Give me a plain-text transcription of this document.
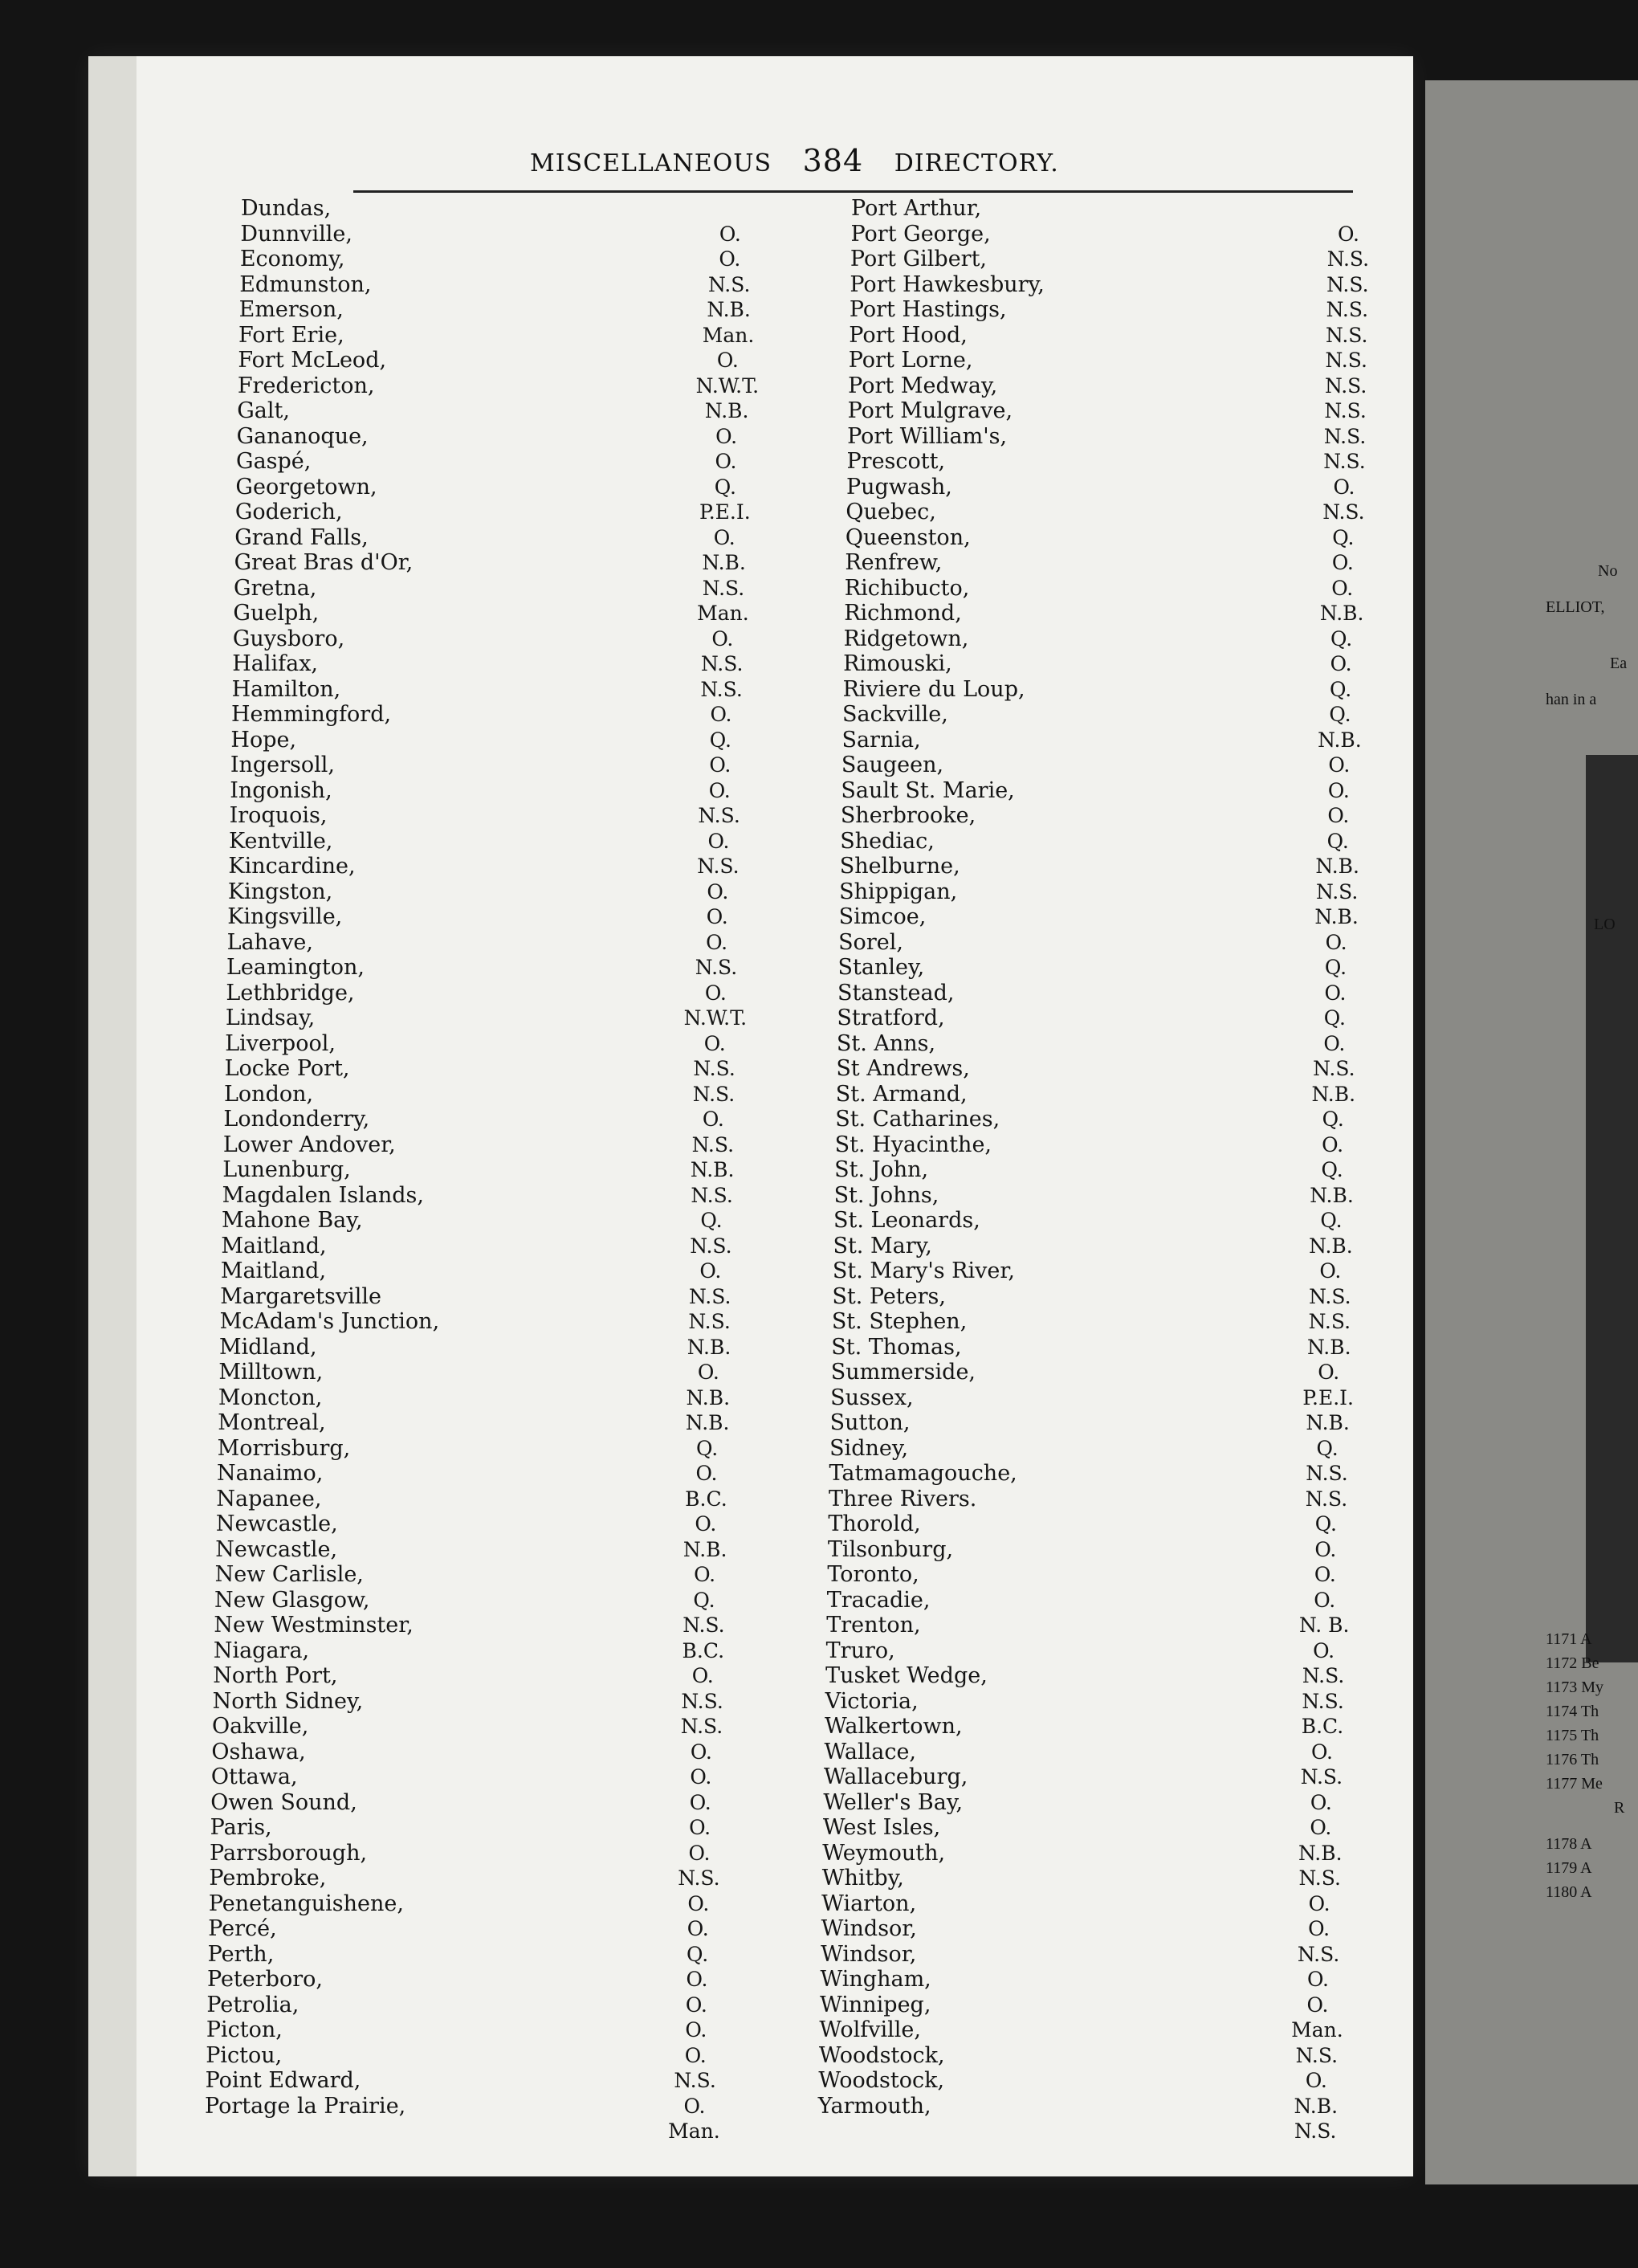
No
ELLIOT,
Ea
han in a
LO
1171 A
1172 Be
1173 My
1174 Th
1175 Th
1176 Th
1177 Me
R
1178 A
1179 A
1180 A
MISCELLANEOUS 384 DIRECTORY.
Dundas,
Dunnville,	O.
Economy,	O.
Edmunston,	N.S.
Emerson,	N.B.
Fort Erie,	Man.
Fort McLeod,	O.
Fredericton,	N.W.T.
Galt,	N.B.
Gananoque,	O.
Gaspé,	O.
Georgetown,	Q.
Goderich,	P.E.I.
Grand Falls,	O.
Great Bras d'Or,	N.B.
Gretna,	N.S.
Guelph,	Man.
Guysboro,	O.
Halifax,	N.S.
Hamilton,	N.S.
Hemmingford,	O.
Hope,	Q.
Ingersoll,	O.
Ingonish,	O.
Iroquois,	N.S.
Kentville,	O.
Kincardine,	N.S.
Kingston,	O.
Kingsville,	O.
Lahave,	O.
Leamington,	N.S.
Lethbridge,	O.
Lindsay,	N.W.T.
Liverpool,	O.
Locke Port,	N.S.
London,	N.S.
Londonderry,	O.
Lower Andover,	N.S.
Lunenburg,	N.B.
Magdalen Islands,	N.S.
Mahone Bay,	Q.
Maitland,	N.S.
Maitland,	O.
Margaretsville	N.S.
McAdam's Junction,	N.S.
Midland,	N.B.
Milltown,	O.
Moncton,	N.B.
Montreal,	N.B.
Morrisburg,	Q.
Nanaimo,	O.
Napanee,	B.C.
Newcastle,	O.
Newcastle,	N.B.
New Carlisle,	O.
New Glasgow,	Q.
New Westminster,	N.S.
Niagara,	B.C.
North Port,	O.
North Sidney,	N.S.
Oakville,	N.S.
Oshawa,	O.
Ottawa,	O.
Owen Sound,	O.
Paris,	O.
Parrsborough,	O.
Pembroke,	N.S.
Penetanguishene,	O.
Percé,	O.
Perth,	Q.
Peterboro,	O.
Petrolia,	O.
Picton,	O.
Pictou,	O.
Point Edward,	N.S.
Portage la Prairie,	O.
Man.
Port Arthur,
Port George,	O.
Port Gilbert,	N.S.
Port Hawkesbury,	N.S.
Port Hastings,	N.S.
Port Hood,	N.S.
Port Lorne,	N.S.
Port Medway,	N.S.
Port Mulgrave,	N.S.
Port William's,	N.S.
Prescott,	N.S.
Pugwash,	O.
Quebec,	N.S.
Queenston,	Q.
Renfrew,	O.
Richibucto,	O.
Richmond,	N.B.
Ridgetown,	Q.
Rimouski,	O.
Riviere du Loup,	Q.
Sackville,	Q.
Sarnia,	N.B.
Saugeen,	O.
Sault St. Marie,	O.
Sherbrooke,	O.
Shediac,	Q.
Shelburne,	N.B.
Shippigan,	N.S.
Simcoe,	N.B.
Sorel,	O.
Stanley,	Q.
Stanstead,	O.
Stratford,	Q.
St. Anns,	O.
St Andrews,	N.S.
St. Armand,	N.B.
St. Catharines,	Q.
St. Hyacinthe,	O.
St. John,	Q.
St. Johns,	N.B.
St. Leonards,	Q.
St. Mary,	N.B.
St. Mary's River,	O.
St. Peters,	N.S.
St. Stephen,	N.S.
St. Thomas,	N.B.
Summerside,	O.
Sussex,	P.E.I.
Sutton,	N.B.
Sidney,	Q.
Tatmamagouche,	N.S.
Three Rivers.	N.S.
Thorold,	Q.
Tilsonburg,	O.
Toronto,	O.
Tracadie,	O.
Trenton,	N. B.
Truro,	O.
Tusket Wedge,	N.S.
Victoria,	N.S.
Walkertown,	B.C.
Wallace,	O.
Wallaceburg,	N.S.
Weller's Bay,	O.
West Isles,	O.
Weymouth,	N.B.
Whitby,	N.S.
Wiarton,	O.
Windsor,	O.
Windsor,	N.S.
Wingham,	O.
Winnipeg,	O.
Wolfville,	Man.
Woodstock,	N.S.
Woodstock,	O.
Yarmouth,	N.B.
N.S.
